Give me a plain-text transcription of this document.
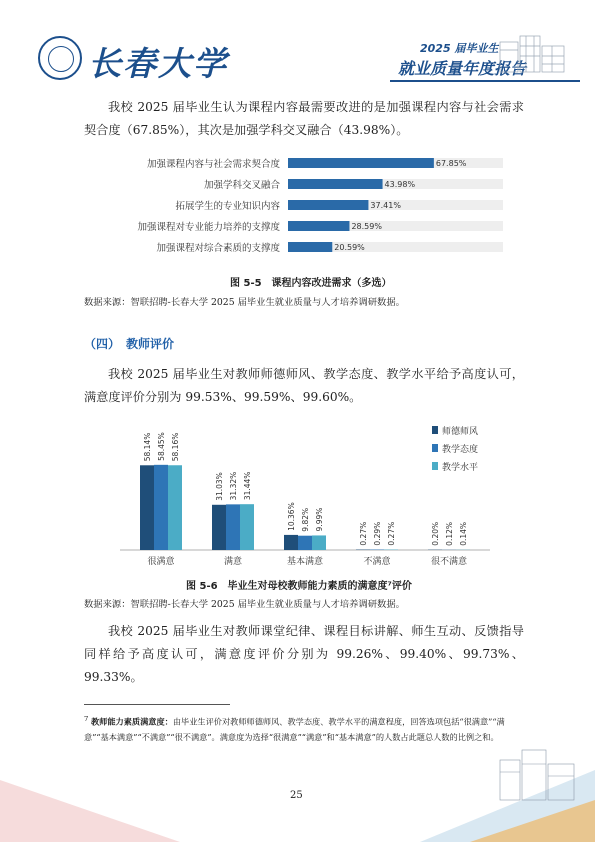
长春大学	2025 届毕业生
就业质量年度报告
我校 2025 届毕业生认为课程内容最需要改进的是加强课程内容与社会需求契合度（67.85%），其次是加强学科交叉融合（43.98%）。
加强课程内容与社会需求契合度	67.85%
加强学科交叉融合	43.98%
拓展学生的专业知识内容	37.41%
加强课程对专业能力培养的支撑度	28.59%
加强课程对综合素质的支撑度	20.59%
图 5-5　课程内容改进需求（多选）
数据来源：智联招聘-长春大学 2025 届毕业生就业质量与人才培养调研数据。
（四）　教师评价
我校 2025 届毕业生对教师师德师风、教学态度、教学水平给予高度认可，满意度评价分别为 99.53%、99.59%、99.60%。
58.14% 58.45% 58.16%
很满意
31.03% 31.32% 31.44%
满意
10.36% 9.82% 9.99%
基本满意
0.27% 0.29% 0.27%
不满意
0.20% 0.12% 0.14%
很不满意
师德师风
教学态度
教学水平
图 5-6　毕业生对母校教师能力素质的满意度⁷评价
数据来源：智联招聘-长春大学 2025 届毕业生就业质量与人才培养调研数据。
我校 2025 届毕业生对教师课堂纪律、课程目标讲解、师生互动、反馈指导同样给予高度认可，满意度评价分别为 99.26%、99.40%、99.73%、99.33%。
$^7$ 教师能力素质满意度：由毕业生评价对教师师德师风、教学态度、教学水平的满意程度，回答选项包括“很满意”“满意”“基本满意”“不满意”“很不满意”。满意度为选择“很满意”“满意”和“基本满意”的人数占此题总人数的比例之和。
25
